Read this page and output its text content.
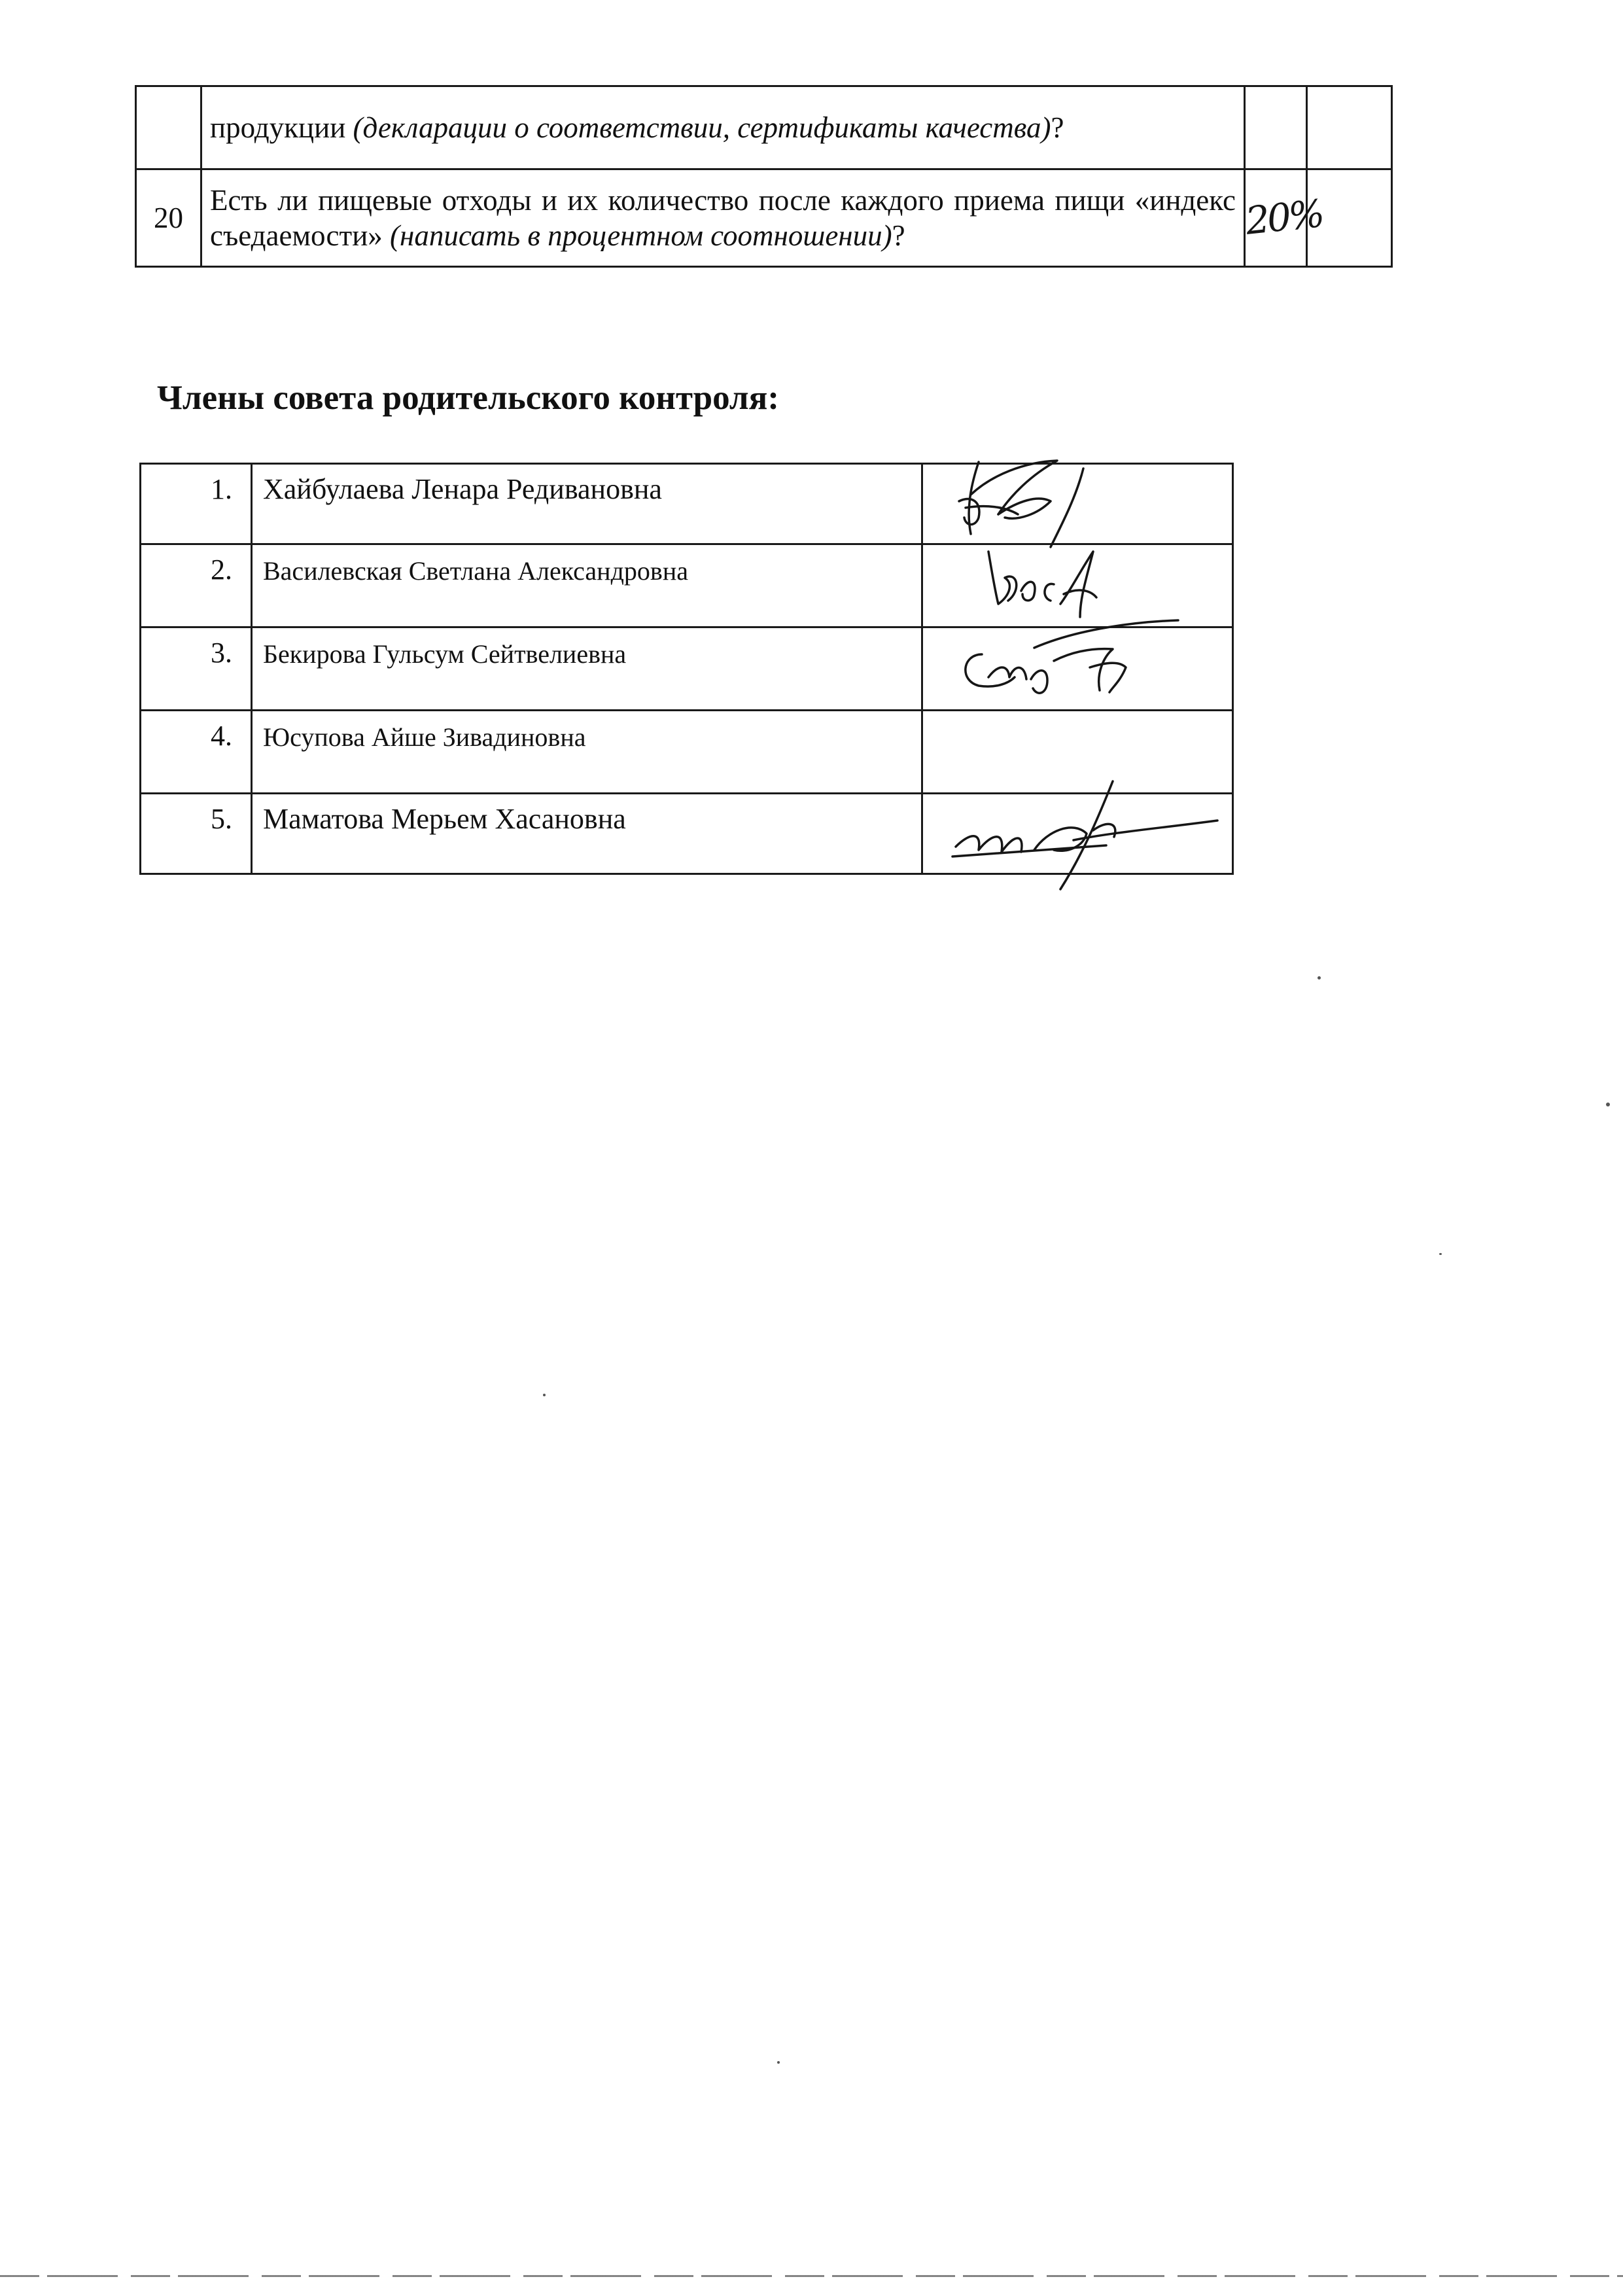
	продукции (декларации о соответствии, сертификаты качества)?		
20	Есть ли пищевые отходы и их количество после каждого приема пищи «индекс съедаемости» (написать в процентном соотношении)?	20%	
Члены совета родительского контроля:
1.	Хайбулаева Ленара Редивановна	

2.	Василевская Светлана Александровна	

3.	Бекирова Гульсум Сейтвелиевна	

4.	Юсупова Айше Зивадиновна	
5.	Маматова Мерьем Хасановна	
